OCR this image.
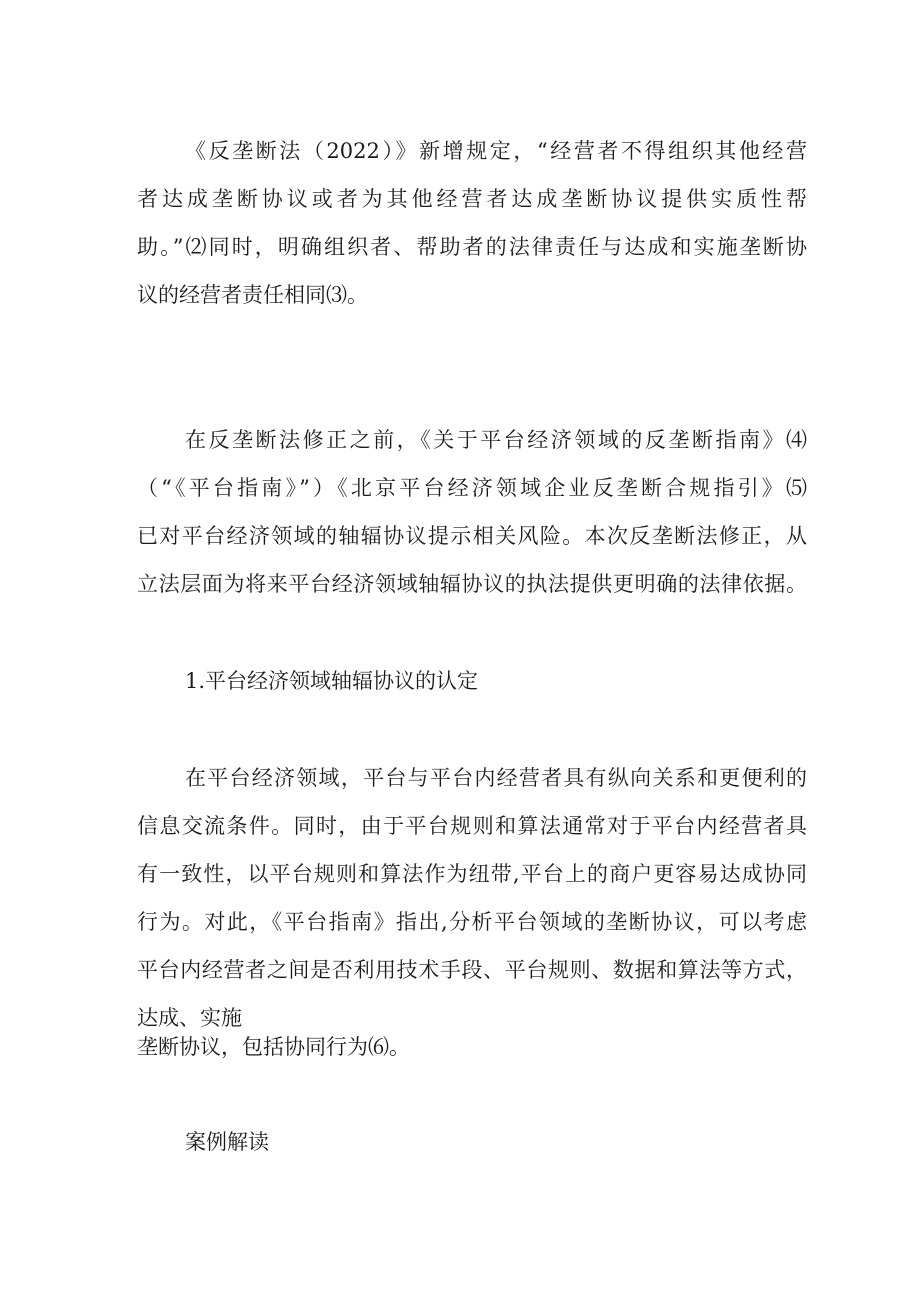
《反垄断法（2022）》新增规定，“经营者不得组织其他经营
者达成垄断协议或者为其他经营者达成垄断协议提供实质性帮
助。”⑵同时，明确组织者、帮助者的法律责任与达成和实施垄断协
议的经营者责任相同⑶。
在反垄断法修正之前，《关于平台经济领域的反垄断指南》⑷
（“《平台指南》”）《北京平台经济领域企业反垄断合规指引》⑸
已对平台经济领域的轴辐协议提示相关风险。本次反垄断法修正，从
立法层面为将来平台经济领域轴辐协议的执法提供更明确的法律依据。
1.平台经济领域轴辐协议的认定
在平台经济领域，平台与平台内经营者具有纵向关系和更便利的
信息交流条件。同时，由于平台规则和算法通常对于平台内经营者具
有一致性，以平台规则和算法作为纽带,平台上的商户更容易达成协同
行为。对此，《平台指南》指出,分析平台领域的垄断协议，可以考虑
平台内经营者之间是否利用技术手段、平台规则、数据和算法等方式，
达成、实施
垄断协议，包括协同行为⑹。
案例解读
